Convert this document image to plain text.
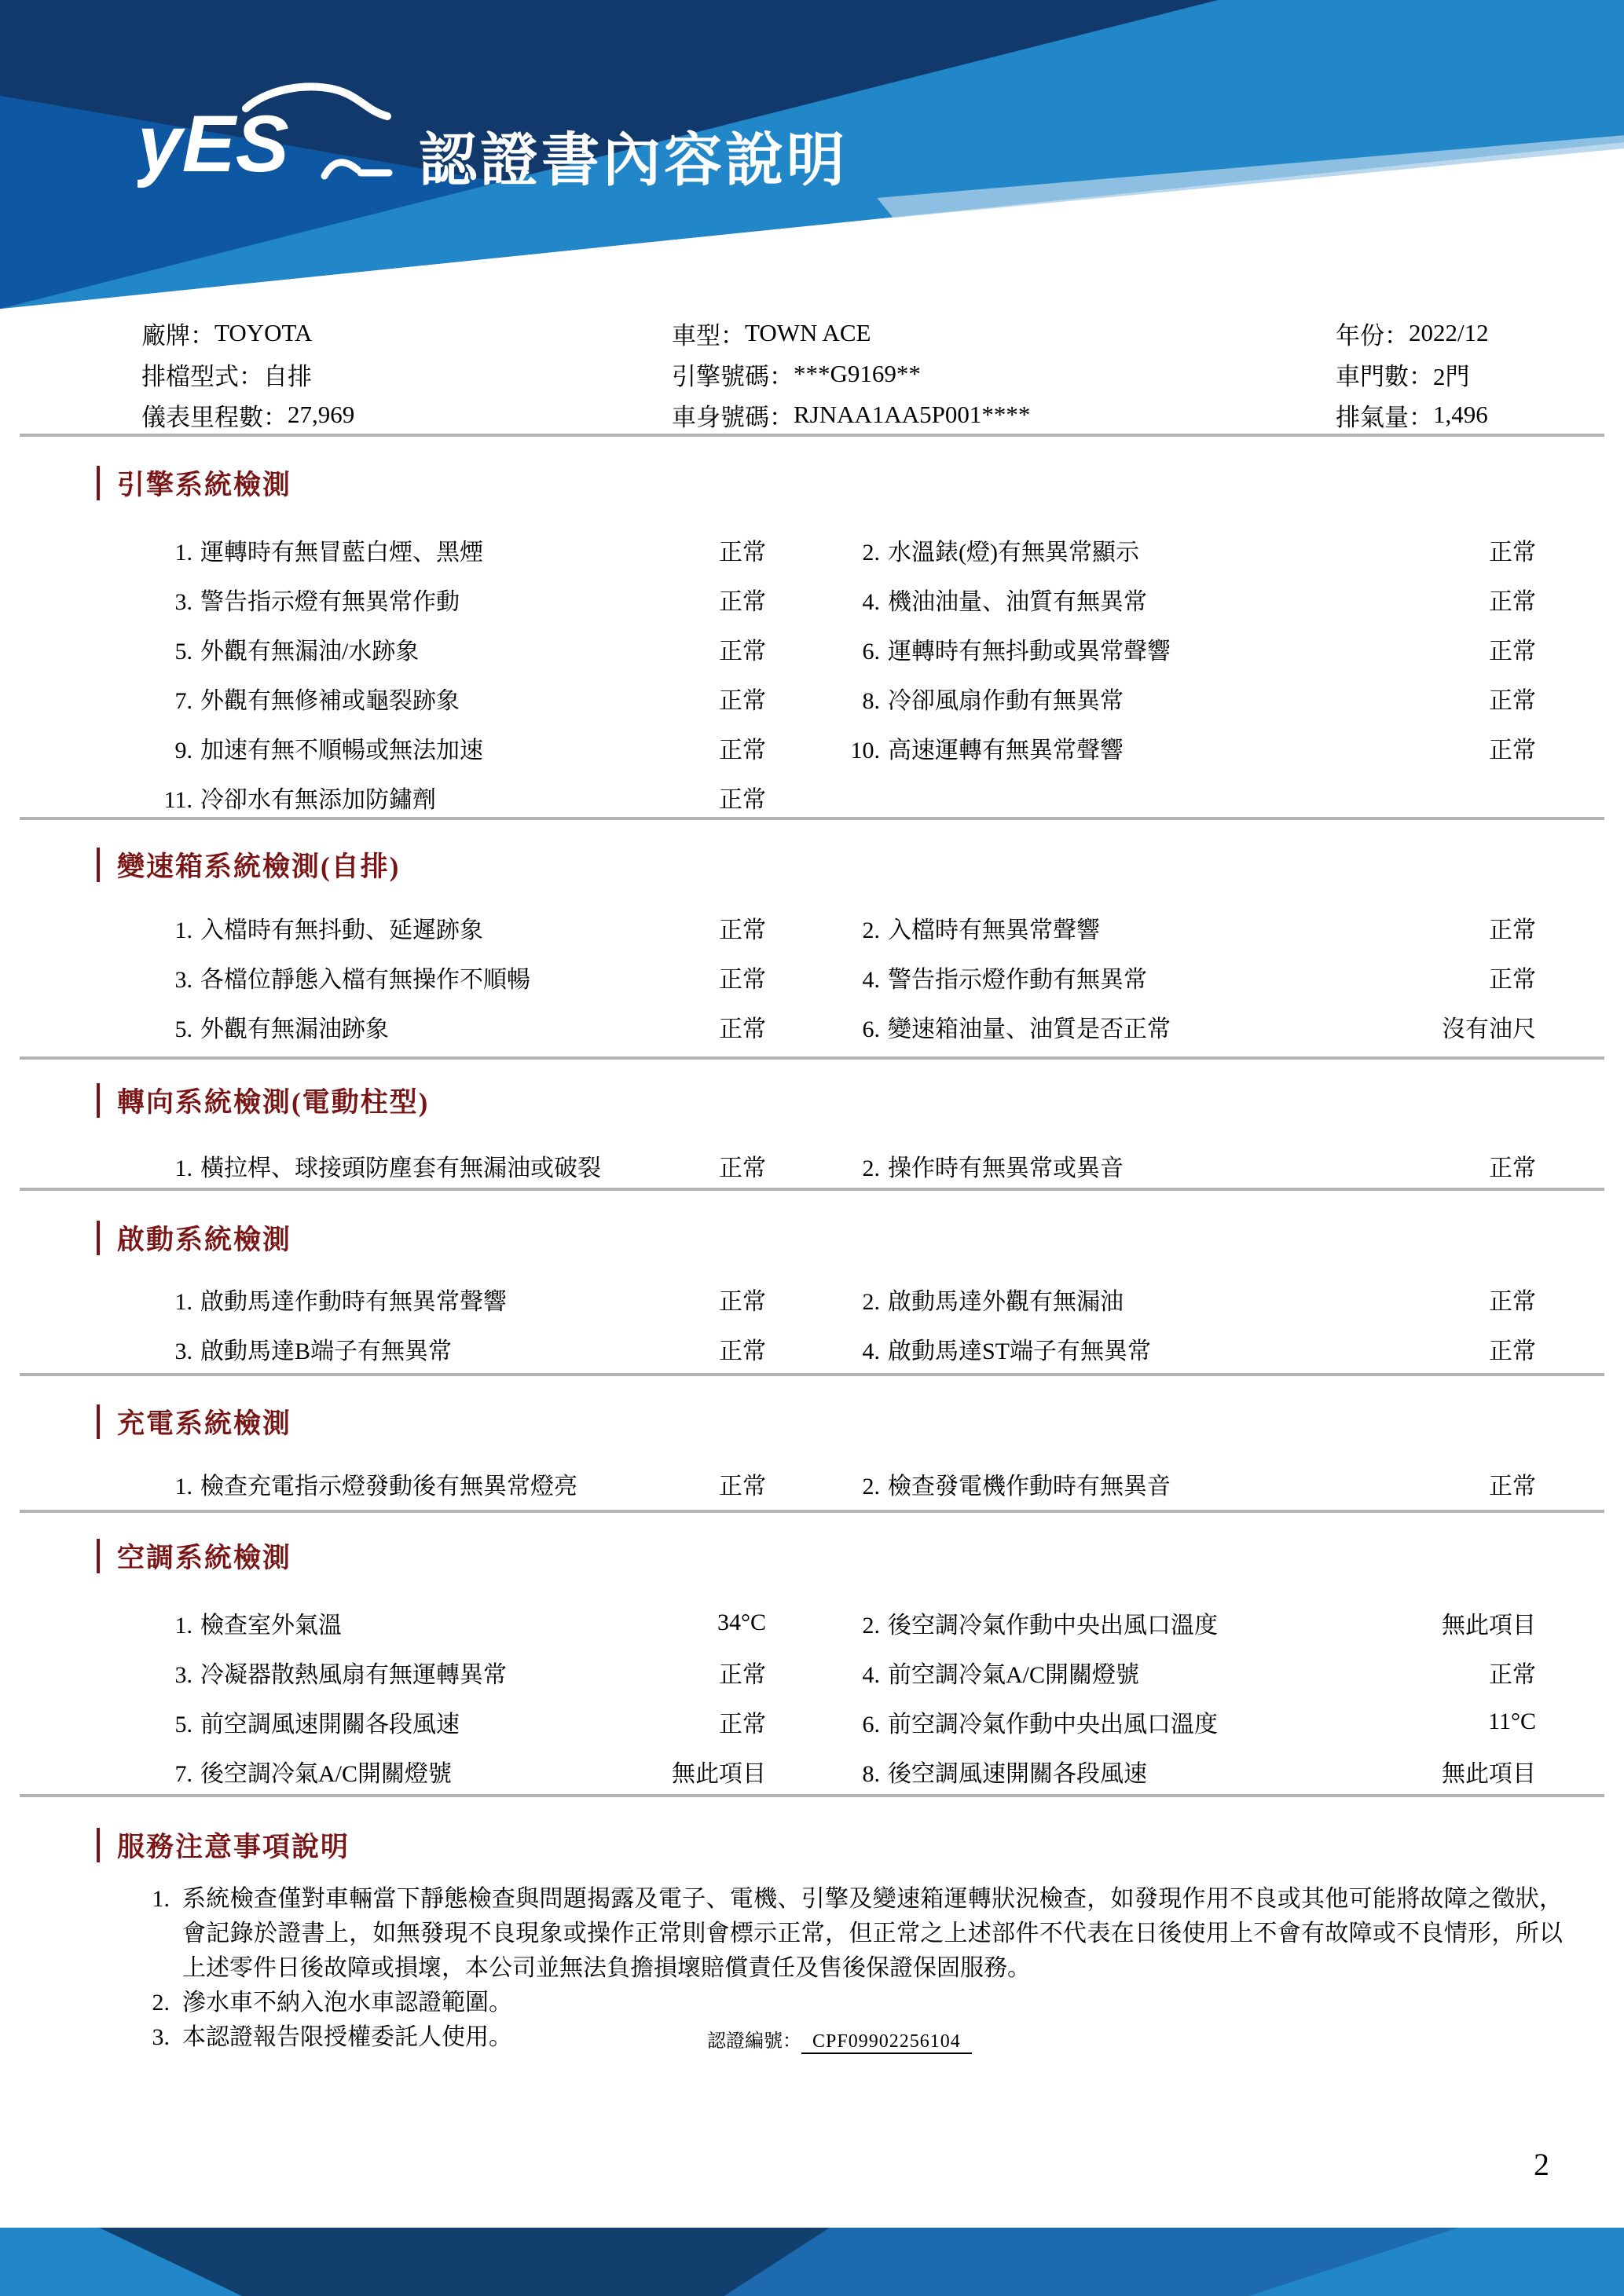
yES 認證書內容說明
廠牌： TOYOTA	車型： TOWN ACE	年份： 2022/12
排檔型式： 自排	引擎號碼： ***G9169**	車門數： 2門
儀表里程數： 27,969	車身號碼： RJNAA1AA5P001****	排氣量： 1,496
引擎系統檢測
1. 運轉時有無冒藍白煙、黑煙	正常	2. 水溫錶(燈)有無異常顯示	正常
3. 警告指示燈有無異常作動	正常	4. 機油油量、油質有無異常	正常
5. 外觀有無漏油/水跡象	正常	6. 運轉時有無抖動或異常聲響	正常
7. 外觀有無修補或龜裂跡象	正常	8. 冷卻風扇作動有無異常	正常
9. 加速有無不順暢或無法加速	正常	10. 高速運轉有無異常聲響	正常
11. 冷卻水有無添加防鏽劑	正常
變速箱系統檢測(自排)
1. 入檔時有無抖動、延遲跡象	正常	2. 入檔時有無異常聲響	正常
3. 各檔位靜態入檔有無操作不順暢	正常	4. 警告指示燈作動有無異常	正常
5. 外觀有無漏油跡象	正常	6. 變速箱油量、油質是否正常	沒有油尺
轉向系統檢測(電動柱型)
1. 橫拉桿、球接頭防塵套有無漏油或破裂	正常	2. 操作時有無異常或異音	正常
啟動系統檢測
1. 啟動馬達作動時有無異常聲響	正常	2. 啟動馬達外觀有無漏油	正常
3. 啟動馬達B端子有無異常	正常	4. 啟動馬達ST端子有無異常	正常
充電系統檢測
1. 檢查充電指示燈發動後有無異常燈亮	正常	2. 檢查發電機作動時有無異音	正常
空調系統檢測
1. 檢查室外氣溫	34°C	2. 後空調冷氣作動中央出風口溫度	無此項目
3. 冷凝器散熱風扇有無運轉異常	正常	4. 前空調冷氣A/C開關燈號	正常
5. 前空調風速開關各段風速	正常	6. 前空調冷氣作動中央出風口溫度	11°C
7. 後空調冷氣A/C開關燈號	無此項目	8. 後空調風速開關各段風速	無此項目
服務注意事項說明
1. 系統檢查僅對車輛當下靜態檢查與問題揭露及電子、電機、引擎及變速箱運轉狀況檢查，如發現作用不良或其他可能將故障之徵狀，會記錄於證書上，如無發現不良現象或操作正常則會標示正常，但正常之上述部件不代表在日後使用上不會有故障或不良情形，所以上述零件日後故障或損壞，本公司並無法負擔損壞賠償責任及售後保證保固服務。
2. 滲水車不納入泡水車認證範圍。
3. 本認證報告限授權委託人使用。	認證編號： CPF09902256104
2
